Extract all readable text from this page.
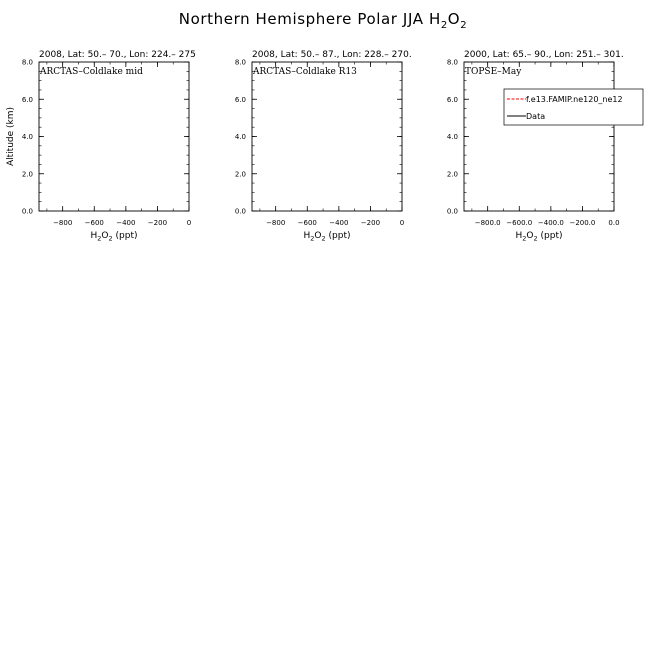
Northern Hemisphere Polar JJA $H_2O_2$
2008, Lat: 50.– 70., Lon: 224.– 275
ARCTAS–Coldlake mid
0.0
2.0
4.0
6.0
8.0
−800 −600 −400 −200	0
$H_2O_2$ (ppt)
Altitude (km)
2008, Lat: 50.– 87., Lon: 228.– 270.
ARCTAS–Coldlake R13
0.0
2.0
4.0
6.0
8.0
−800 −600 −400 −200	0
$H_2O_2$ (ppt)
2000, Lat: 65.– 90., Lon: 251.– 301.
TOPSE–May
0.0
2.0
4.0
6.0
8.0
−800.0 −600.0 −400.0 −200.0 0.0
$H_2O_2$ (ppt)
f.e13.FAMIP.ne120_ne12
Data
